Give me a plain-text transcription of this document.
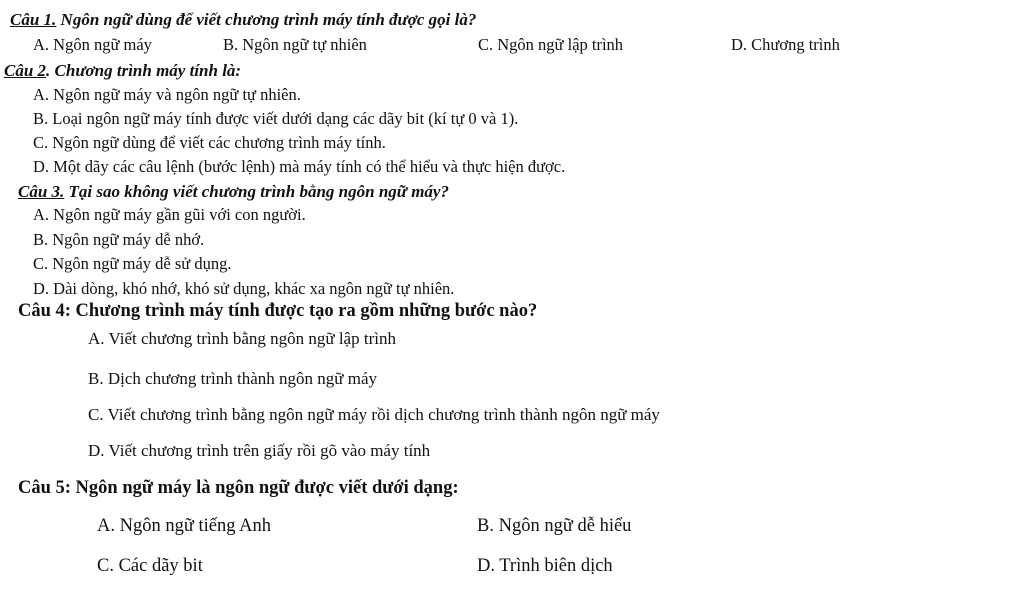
Câu 1. Ngôn ngữ dùng để viết chương trình máy tính được gọi là?
A. Ngôn ngữ máy	B. Ngôn ngữ tự nhiên	C. Ngôn ngữ lập trình	D. Chương trình
Câu 2. Chương trình máy tính là:
A. Ngôn ngữ máy và ngôn ngữ tự nhiên.
B. Loại ngôn ngữ máy tính được viết dưới dạng các dãy bit (kí tự 0 và 1).
C. Ngôn ngữ dùng để viết các chương trình máy tính.
D. Một dãy các câu lệnh (bước lệnh) mà máy tính có thể hiểu và thực hiện được.
Câu 3. Tại sao không viết chương trình bằng ngôn ngữ máy?
A. Ngôn ngữ máy gần gũi với con người.
B. Ngôn ngữ máy dễ nhớ.
C. Ngôn ngữ máy dễ sử dụng.
D. Dài dòng, khó nhớ, khó sử dụng, khác xa ngôn ngữ tự nhiên.
Câu 4: Chương trình máy tính được tạo ra gồm những bước nào?
A. Viết chương trình bằng ngôn ngữ lập trình
B. Dịch chương trình thành ngôn ngữ máy
C. Viết chương trình bằng ngôn ngữ máy rồi dịch chương trình thành ngôn ngữ máy
D. Viết chương trình trên giấy rồi gõ vào máy tính
Câu 5: Ngôn ngữ máy là ngôn ngữ được viết dưới dạng:
A. Ngôn ngữ tiếng Anh	B. Ngôn ngữ dễ hiểu
C. Các dãy bit	D. Trình biên dịch
